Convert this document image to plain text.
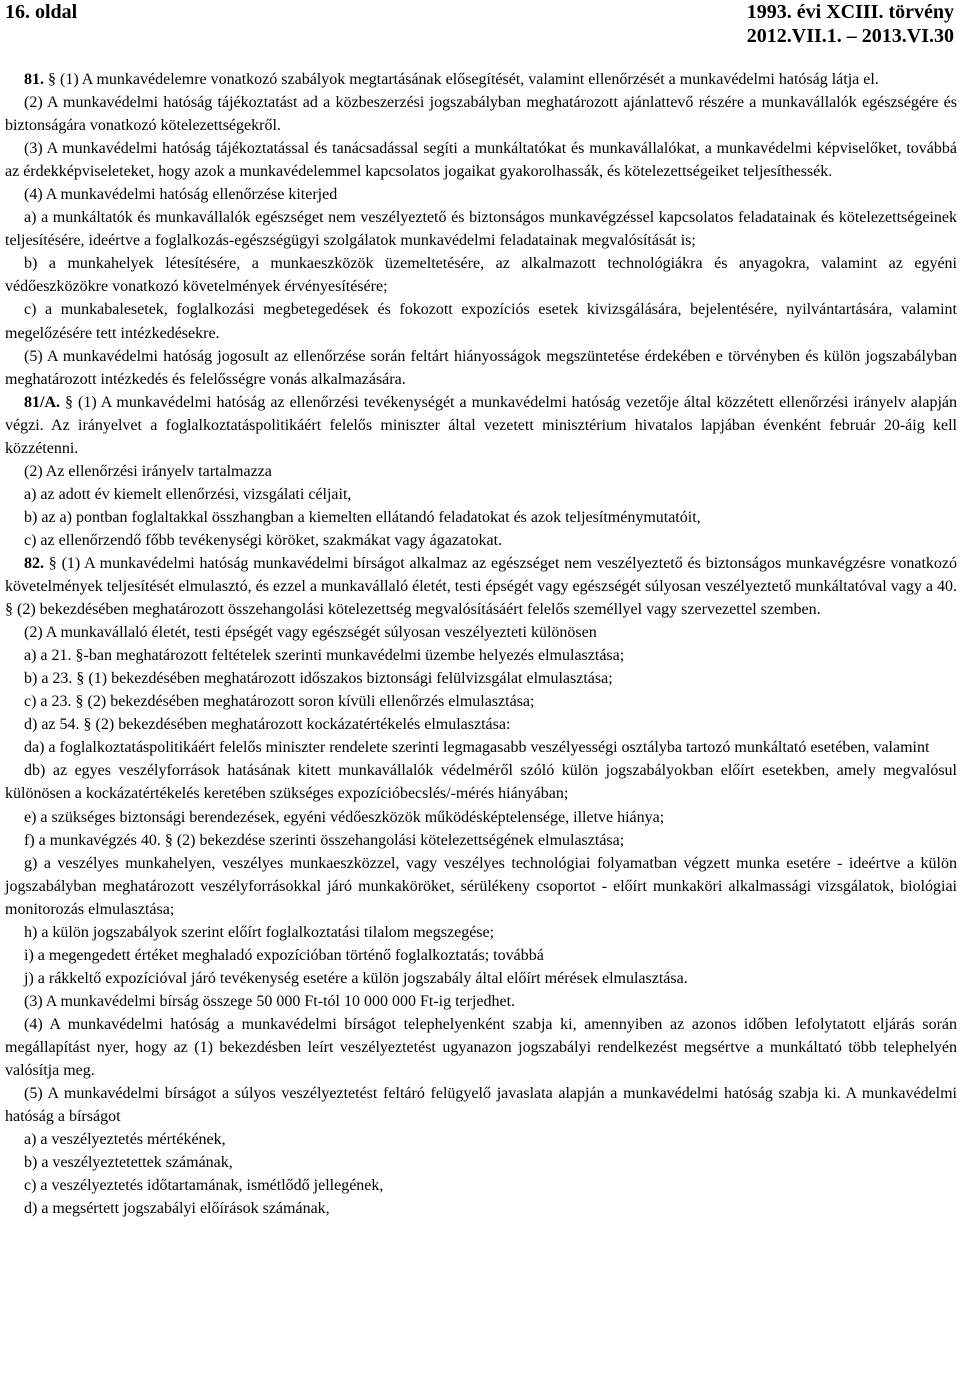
16. oldal	1993. évi XCIII. törvény
2012.VII.1. – 2013.VI.30

81. § (1) A munkavédelemre vonatkozó szabályok megtartásának elősegítését, valamint ellenőrzését a munkavédelmi hatóság látja el.

(2) A munkavédelmi hatóság tájékoztatást ad a közbeszerzési jogszabályban meghatározott ajánlattevő részére a munkavállalók egészségére és biztonságára vonatkozó kötelezettségekről.

(3) A munkavédelmi hatóság tájékoztatással és tanácsadással segíti a munkáltatókat és munkavállalókat, a munkavédelmi képviselőket, továbbá az érdekképviseleteket, hogy azok a munkavédelemmel kapcsolatos jogaikat gyakorolhassák, és kötelezettségeiket teljesíthessék.

(4) A munkavédelmi hatóság ellenőrzése kiterjed

a) a munkáltatók és munkavállalók egészséget nem veszélyeztető és biztonságos munkavégzéssel kapcsolatos feladatainak és kötelezettségeinek teljesítésére, ideértve a foglalkozás-egészségügyi szolgálatok munkavédelmi feladatainak megvalósítását is;

b) a munkahelyek létesítésére, a munkaeszközök üzemeltetésére, az alkalmazott technológiákra és anyagokra, valamint az egyéni védőeszközökre vonatkozó követelmények érvényesítésére;

c) a munkabalesetek, foglalkozási megbetegedések és fokozott expozíciós esetek kivizsgálására, bejelentésére, nyilvántartására, valamint megelőzésére tett intézkedésekre.

(5) A munkavédelmi hatóság jogosult az ellenőrzése során feltárt hiányosságok megszüntetése érdekében e törvényben és külön jogszabályban meghatározott intézkedés és felelősségre vonás alkalmazására.

81/A. § (1) A munkavédelmi hatóság az ellenőrzési tevékenységét a munkavédelmi hatóság vezetője által közzétett ellenőrzési irányelv alapján végzi. Az irányelvet a foglalkoztatáspolitikáért felelős miniszter által vezetett minisztérium hivatalos lapjában évenként február 20-áig kell közzétenni.

(2) Az ellenőrzési irányelv tartalmazza

a) az adott év kiemelt ellenőrzési, vizsgálati céljait,

b) az a) pontban foglaltakkal összhangban a kiemelten ellátandó feladatokat és azok teljesítménymutatóit,

c) az ellenőrzendő főbb tevékenységi köröket, szakmákat vagy ágazatokat.

82. § (1) A munkavédelmi hatóság munkavédelmi bírságot alkalmaz az egészséget nem veszélyeztető és biztonságos munkavégzésre vonatkozó követelmények teljesítését elmulasztó, és ezzel a munkavállaló életét, testi épségét vagy egészségét súlyosan veszélyeztető munkáltatóval vagy a 40. § (2) bekezdésében meghatározott összehangolási kötelezettség megvalósításáért felelős személlyel vagy szervezettel szemben.

(2) A munkavállaló életét, testi épségét vagy egészségét súlyosan veszélyezteti különösen

a) a 21. §-ban meghatározott feltételek szerinti munkavédelmi üzembe helyezés elmulasztása;

b) a 23. § (1) bekezdésében meghatározott időszakos biztonsági felülvizsgálat elmulasztása;

c) a 23. § (2) bekezdésében meghatározott soron kívüli ellenőrzés elmulasztása;

d) az 54. § (2) bekezdésében meghatározott kockázatértékelés elmulasztása:

da) a foglalkoztatáspolitikáért felelős miniszter rendelete szerinti legmagasabb veszélyességi osztályba tartozó munkáltató esetében, valamint

db) az egyes veszélyforrások hatásának kitett munkavállalók védelméről szóló külön jogszabályokban előírt esetekben, amely megvalósul különösen a kockázatértékelés keretében szükséges expozícióbecslés/-mérés hiányában;

e) a szükséges biztonsági berendezések, egyéni védőeszközök működésképtelensége, illetve hiánya;

f) a munkavégzés 40. § (2) bekezdése szerinti összehangolási kötelezettségének elmulasztása;

g) a veszélyes munkahelyen, veszélyes munkaeszközzel, vagy veszélyes technológiai folyamatban végzett munka esetére - ideértve a külön jogszabályban meghatározott veszélyforrásokkal járó munkaköröket, sérülékeny csoportot - előírt munkaköri alkalmassági vizsgálatok, biológiai monitorozás elmulasztása;

h) a külön jogszabályok szerint előírt foglalkoztatási tilalom megszegése;

i) a megengedett értéket meghaladó expozícióban történő foglalkoztatás; továbbá

j) a rákkeltő expozícióval járó tevékenység esetére a külön jogszabály által előírt mérések elmulasztása.

(3) A munkavédelmi bírság összege 50 000 Ft-tól 10 000 000 Ft-ig terjedhet.

(4) A munkavédelmi hatóság a munkavédelmi bírságot telephelyenként szabja ki, amennyiben az azonos időben lefolytatott eljárás során megállapítást nyer, hogy az (1) bekezdésben leírt veszélyeztetést ugyanazon jogszabályi rendelkezést megsértve a munkáltató több telephelyén valósítja meg.

(5) A munkavédelmi bírságot a súlyos veszélyeztetést feltáró felügyelő javaslata alapján a munkavédelmi hatóság szabja ki. A munkavédelmi hatóság a bírságot

a) a veszélyeztetés mértékének,

b) a veszélyeztetettek számának,

c) a veszélyeztetés időtartamának, ismétlődő jellegének,

d) a megsértett jogszabályi előírások számának,
